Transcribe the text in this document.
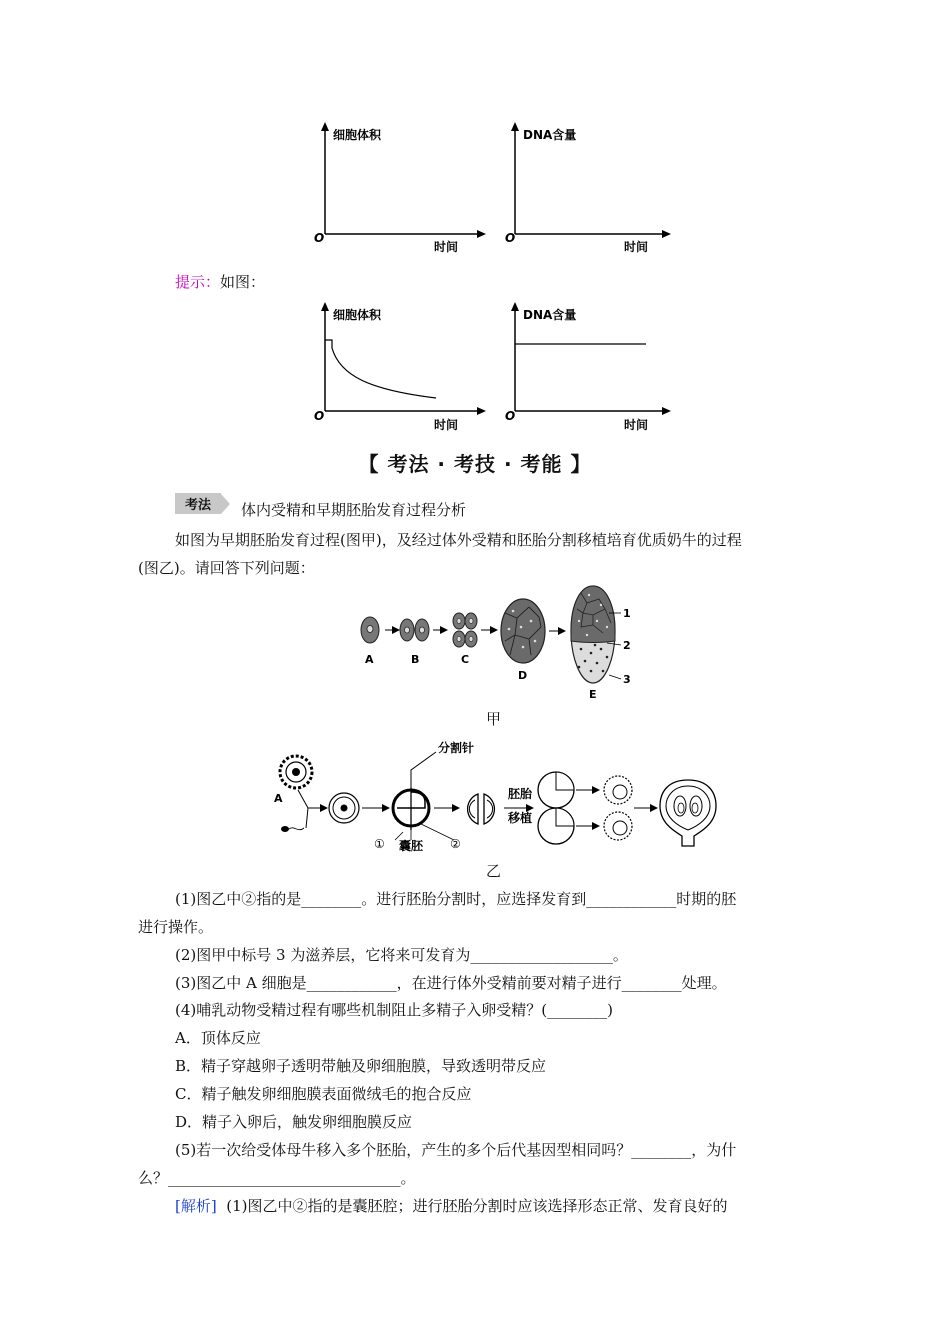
细胞体积
时间
O
DNA含量
时间
O
提示：如图：
细胞体积
时间
O
DNA含量
时间
O
【 考法 · 考技 · 考能 】
考法	体内受精和早期胚胎发育过程分析
如图为早期胚胎发育过程(图甲)，及经过体外受精和胚胎分割移植培育优质奶牛的过程
(图乙)。请回答下列问题：
1
2
3
A	B	C
D
E
甲
A
分割针
① 囊胚 ②
胚胎
移植
乙
(1)图乙中②指的是________。进行胚胎分割时，应选择发育到____________时期的胚
进行操作。
(2)图甲中标号 3 为滋养层，它将来可发育为___________________。
(3)图乙中 A 细胞是____________，在进行体外受精前要对精子进行________处理。
(4)哺乳动物受精过程有哪些机制阻止多精子入卵受精？(________)
A．顶体反应
B．精子穿越卵子透明带触及卵细胞膜，导致透明带反应
C．精子触发卵细胞膜表面微绒毛的抱合反应
D．精子入卵后，触发卵细胞膜反应
(5)若一次给受体母牛移入多个胚胎，产生的多个后代基因型相同吗？________，为什
么？_______________________________。
[解析] (1)图乙中②指的是囊胚腔；进行胚胎分割时应该选择形态正常、发育良好的
